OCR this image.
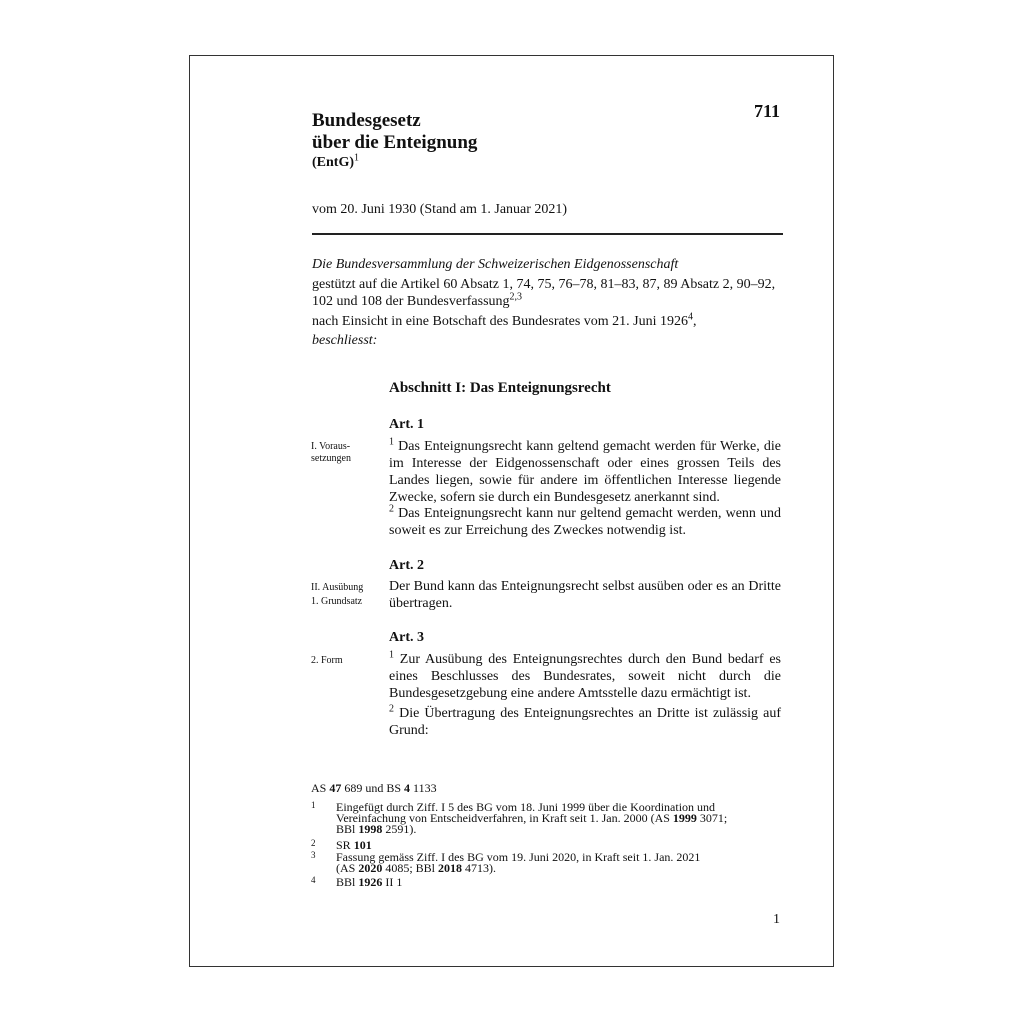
Bundesgesetz
über die Enteignung
(EntG)$^1$
711
vom 20. Juni 1930 (Stand am 1. Januar 2021)
Die Bundesversammlung der Schweizerischen Eidgenossenschaft
gestützt auf die Artikel 60 Absatz 1, 74, 75, 76–78, 81–83, 87, 89 Absatz 2, 90–92,
102 und 108 der Bundesverfassung$^{2,3}$
nach Einsicht in eine Botschaft des Bundesrates vom 21. Juni 1926$^4$,
beschliesst:
Abschnitt I: Das Enteignungsrecht
Art. 1
I. Voraus-
setzungen

$^1$ Das Enteignungsrecht kann geltend gemacht werden für Werke, die im Interesse der Eidgenossenschaft oder eines grossen Teils des Landes liegen, sowie für andere im öffentlichen Interesse liegende Zwecke, sofern sie durch ein Bundesgesetz anerkannt sind.

$^2$ Das Enteignungsrecht kann nur geltend gemacht werden, wenn und soweit es zur Erreichung des Zweckes notwendig ist.

Art. 2
II. Ausübung
1. Grundsatz

Der Bund kann das Enteignungsrecht selbst ausüben oder es an Dritte übertragen.

Art. 3
2. Form

$^1$ Zur Ausübung des Enteignungsrechtes durch den Bund bedarf es eines Beschlusses des Bundesrates, soweit nicht durch die Bundesgesetzgebung eine andere Amtsstelle dazu ermächtigt ist.

$^2$ Die Übertragung des Enteignungsrechtes an Dritte ist zulässig auf Grund:

AS 47 689 und BS 4 1133
1 Eingefügt durch Ziff. I 5 des BG vom 18. Juni 1999 über die Koordination und
Vereinfachung von Entscheidverfahren, in Kraft seit 1. Jan. 2000 (AS 1999 3071;
BBl 1998 2591).
2 SR 101
3 Fassung gemäss Ziff. I des BG vom 19. Juni 2020, in Kraft seit 1. Jan. 2021
(AS 2020 4085; BBl 2018 4713).
4 BBl 1926 II 1
1
